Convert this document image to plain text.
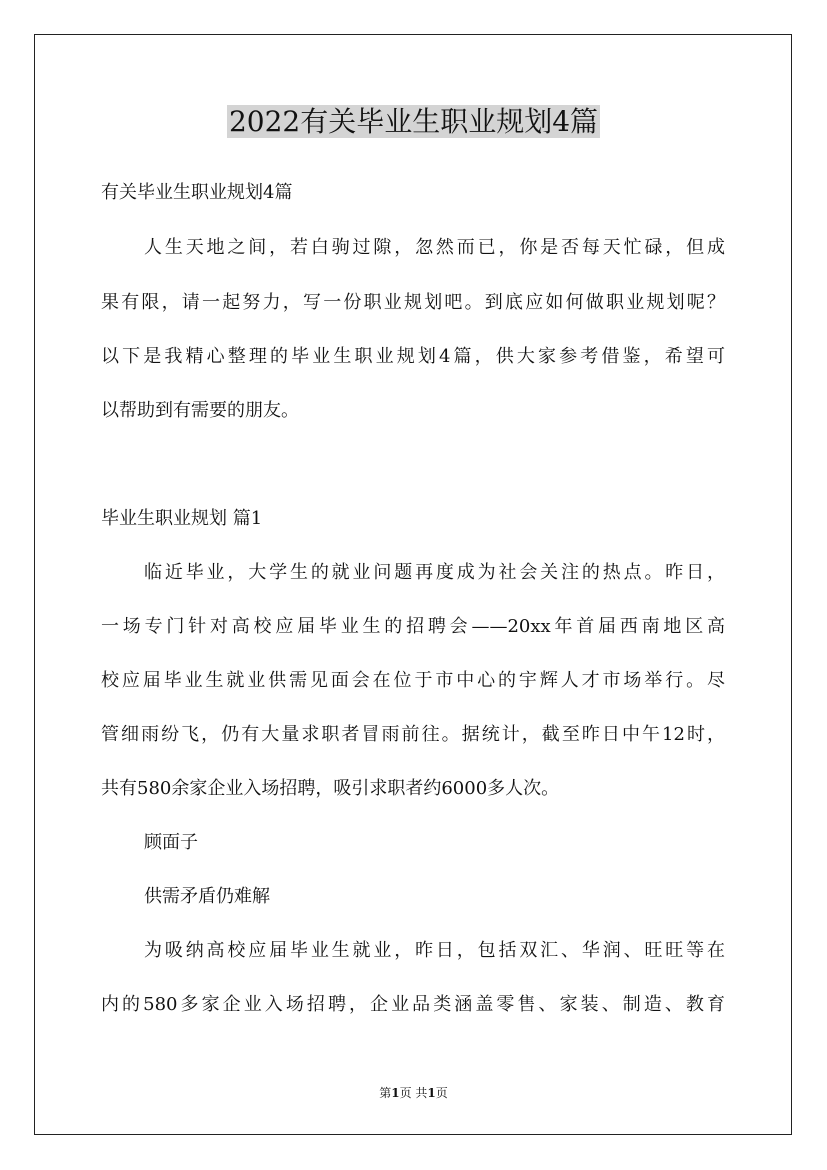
2022有关毕业生职业规划4篇
有关毕业生职业规划4篇
人生天地之间，若白驹过隙，忽然而已，你是否每天忙碌，但成
果有限，请一起努力，写一份职业规划吧。到底应如何做职业规划呢？
以下是我精心整理的毕业生职业规划4篇，供大家参考借鉴，希望可
以帮助到有需要的朋友。
毕业生职业规划 篇1
临近毕业，大学生的就业问题再度成为社会关注的热点。昨日，
一场专门针对高校应届毕业生的招聘会——20xx年首届西南地区高
校应届毕业生就业供需见面会在位于市中心的宇辉人才市场举行。尽
管细雨纷飞，仍有大量求职者冒雨前往。据统计，截至昨日中午12时，
共有580余家企业入场招聘，吸引求职者约6000多人次。
顾面子
供需矛盾仍难解
为吸纳高校应届毕业生就业，昨日，包括双汇、华润、旺旺等在
内的580多家企业入场招聘，企业品类涵盖零售、家装、制造、教育
第1页 共1页
